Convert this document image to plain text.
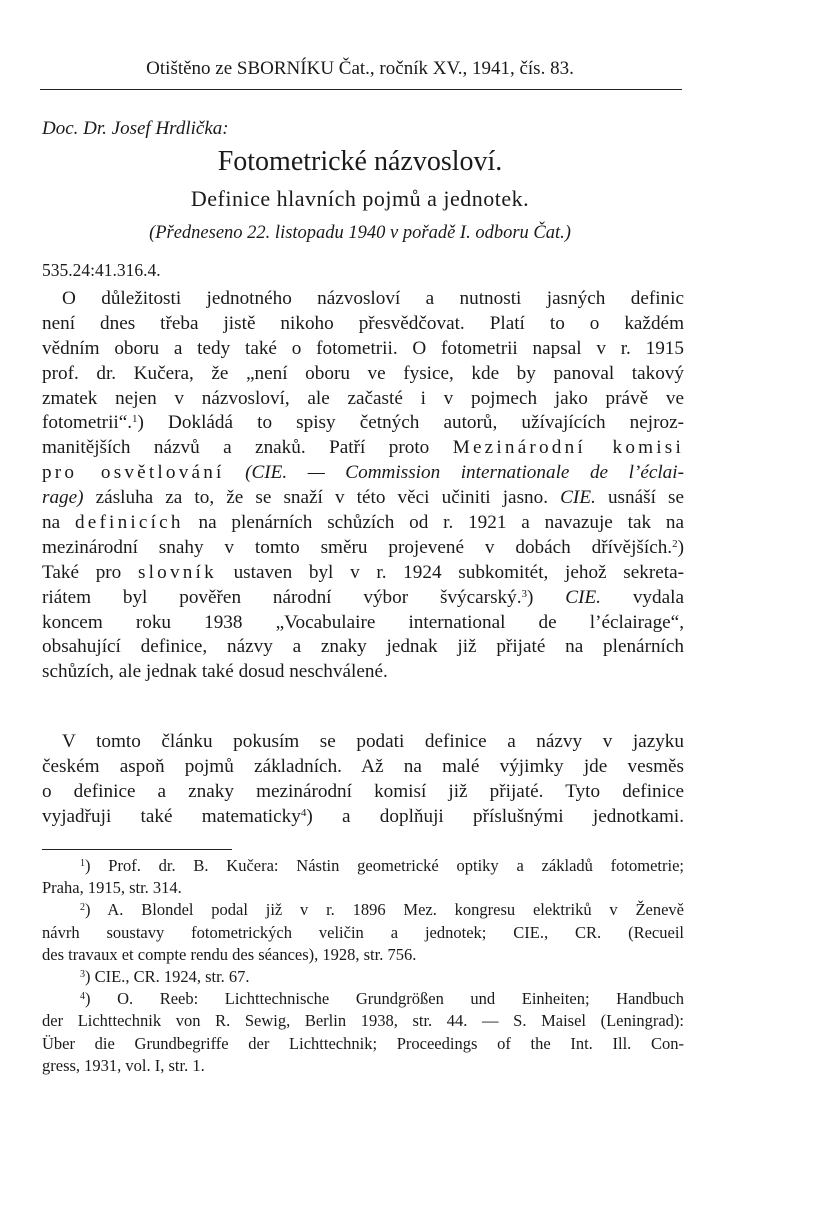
Otištěno ze SBORNÍKU Čat., ročník XV., 1941, čís. 83.
Doc. Dr. Josef Hrdlička:
Fotometrické názvosloví.
Definice hlavních pojmů a jednotek.
(Předneseno 22. listopadu 1940 v pořadě I. odboru Čat.)
535.24:41.316.4.
O důležitosti jednotného názvosloví a nutnosti jasných definic
není dnes třeba jistě nikoho přesvědčovat. Platí to o každém
vědním oboru a tedy také o fotometrii. O fotometrii napsal v r. 1915
prof. dr. Kučera, že „není oboru ve fysice, kde by panoval takový
zmatek nejen v názvosloví, ale začasté i v pojmech jako právě ve
fotometrii“.$^1$) Dokládá to spisy četných autorů, užívajících nejroz-
manitějších názvů a znaků. Patří proto Mezinárodní komisi
pro osvětlování (CIE. — Commission internationale de l’éclai-
rage) zásluha za to, že se snaží v této věci učiniti jasno. CIE. usnáší se
na definicích na plenárních schůzích od r. 1921 a navazuje tak na
mezinárodní snahy v tomto směru projevené v dobách dřívějších.$^2$)
Také pro slovník ustaven byl v r. 1924 subkomitét, jehož sekreta-
riátem byl pověřen národní výbor švýcarský.$^3$) CIE. vydala
koncem roku 1938 „Vocabulaire international de l’éclairage“,
obsahující definice, názvy a znaky jednak již přijaté na plenárních
schůzích, ale jednak také dosud neschválené.
V tomto článku pokusím se podati definice a názvy v jazyku
českém aspoň pojmů základních. Až na malé výjimky jde vesměs
o definice a znaky mezinárodní komisí již přijaté. Tyto definice
vyjadřuji také matematicky$^4$) a doplňuji příslušnými jednotkami.
$^1$) Prof. dr. B. Kučera: Nástin geometrické optiky a základů fotometrie;
Praha, 1915, str. 314.
$^2$) A. Blondel podal již v r. 1896 Mez. kongresu elektriků v Ženevě
návrh soustavy fotometrických veličin a jednotek; CIE., CR. (Recueil
des travaux et compte rendu des séances), 1928, str. 756.
$^3$) CIE., CR. 1924, str. 67.
$^4$) O. Reeb: Lichttechnische Grundgrößen und Einheiten; Handbuch
der Lichttechnik von R. Sewig, Berlin 1938, str. 44. — S. Maisel (Leningrad):
Über die Grundbegriffe der Lichttechnik; Proceedings of the Int. Ill. Con-
gress, 1931, vol. I, str. 1.
